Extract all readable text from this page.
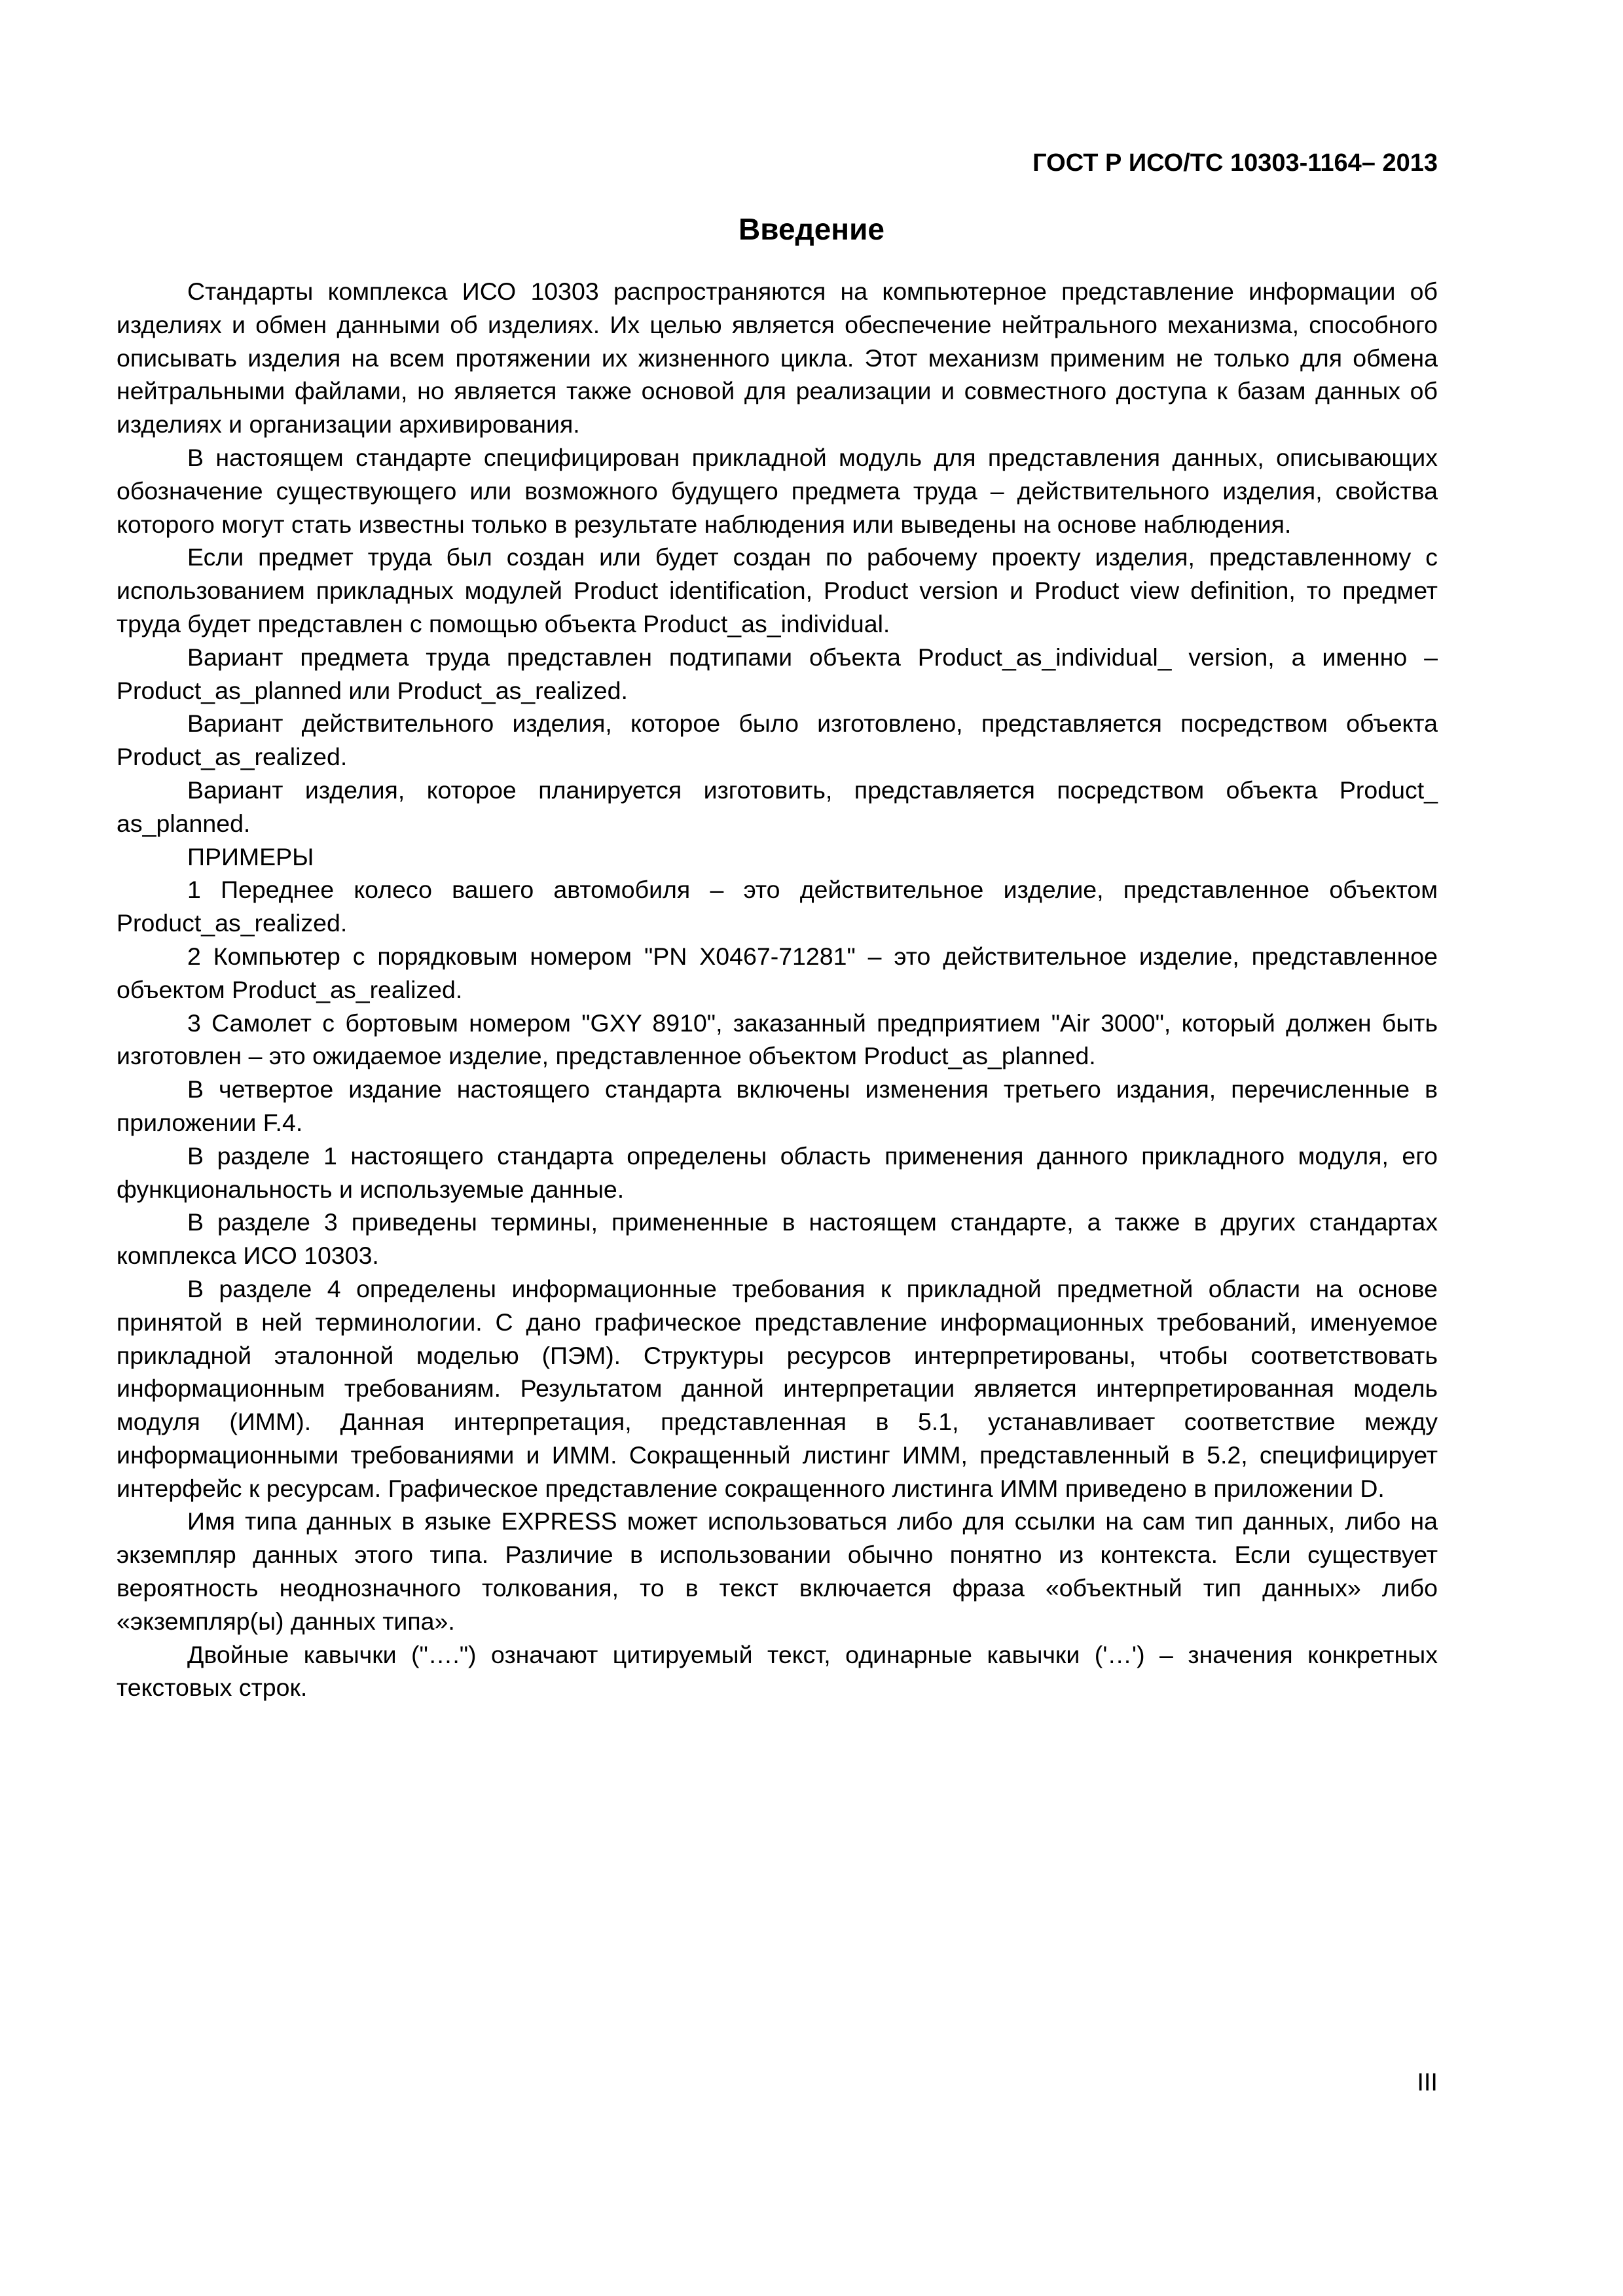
ГОСТ Р ИСО/ТС 10303-1164– 2013
Введение

Стандарты комплекса ИСО 10303 распространяются на компьютерное представление информации об изделиях и обмен данными об изделиях. Их целью является обеспечение нейтрального механизма, способного описывать изделия на всем протяжении их жизненного цикла. Этот механизм применим не только для обмена нейтральными файлами, но является также основой для реализации и совместного доступа к базам данных об изделиях и организации архивирования.

В настоящем стандарте специфицирован прикладной модуль для представления данных, описывающих обозначение существующего или возможного будущего предмета труда – действительного изделия, свойства которого могут стать известны только в результате наблюдения или выведены на основе наблюдения.

Если предмет труда был создан или будет создан по рабочему проекту изделия, представленному с использованием прикладных модулей Product identification, Product version и Product view definition, то предмет труда будет представлен с помощью объекта Product_as_individual.

Вариант предмета труда представлен подтипами объекта Product_as_individual_ version, а именно – Product_as_planned или Product_as_realized.

Вариант действительного изделия, которое было изготовлено, представляется посредством объекта Product_as_realized.

Вариант изделия, которое планируется изготовить, представляется посредством объекта Product_ as_planned.

ПРИМЕРЫ

1 Переднее колесо вашего автомобиля – это действительное изделие, представленное объектом Product_as_realized.

2 Компьютер с порядковым номером "PN X0467-71281" – это действительное изделие, представленное объектом Product_as_realized.

3 Самолет с бортовым номером "GXY 8910", заказанный предприятием "Air 3000", который должен быть изготовлен – это ожидаемое изделие, представленное объектом Product_as_planned.

В четвертое издание настоящего стандарта включены изменения третьего издания, перечисленные в приложении F.4.

В разделе 1 настоящего стандарта определены область применения данного прикладного модуля, его функциональность и используемые данные.

В разделе 3 приведены термины, примененные в настоящем стандарте, а также в других стандартах комплекса ИСО 10303.

В разделе 4 определены информационные требования к прикладной предметной области на основе принятой в ней терминологии. С дано графическое представление информационных требований, именуемое прикладной эталонной моделью (ПЭМ). Структуры ресурсов интерпретированы, чтобы соответствовать информационным требованиям. Результатом данной интерпретации является интерпретированная модель модуля (ИММ). Данная интерпретация, представленная в 5.1, устанавливает соответствие между информационными требованиями и ИММ. Сокращенный листинг ИММ, представленный в 5.2, специфицирует интерфейс к ресурсам. Графическое представление сокращенного листинга ИММ приведено в приложении D.

Имя типа данных в языке EXPRESS может использоваться либо для ссылки на сам тип данных, либо на экземпляр данных этого типа. Различие в использовании обычно понятно из контекста. Если существует вероятность неоднозначного толкования, то в текст включается фраза «объектный тип данных» либо «экземпляр(ы) данных типа».

Двойные кавычки ("….") означают цитируемый текст, одинарные кавычки ('…') – значения конкретных текстовых строк.

III
